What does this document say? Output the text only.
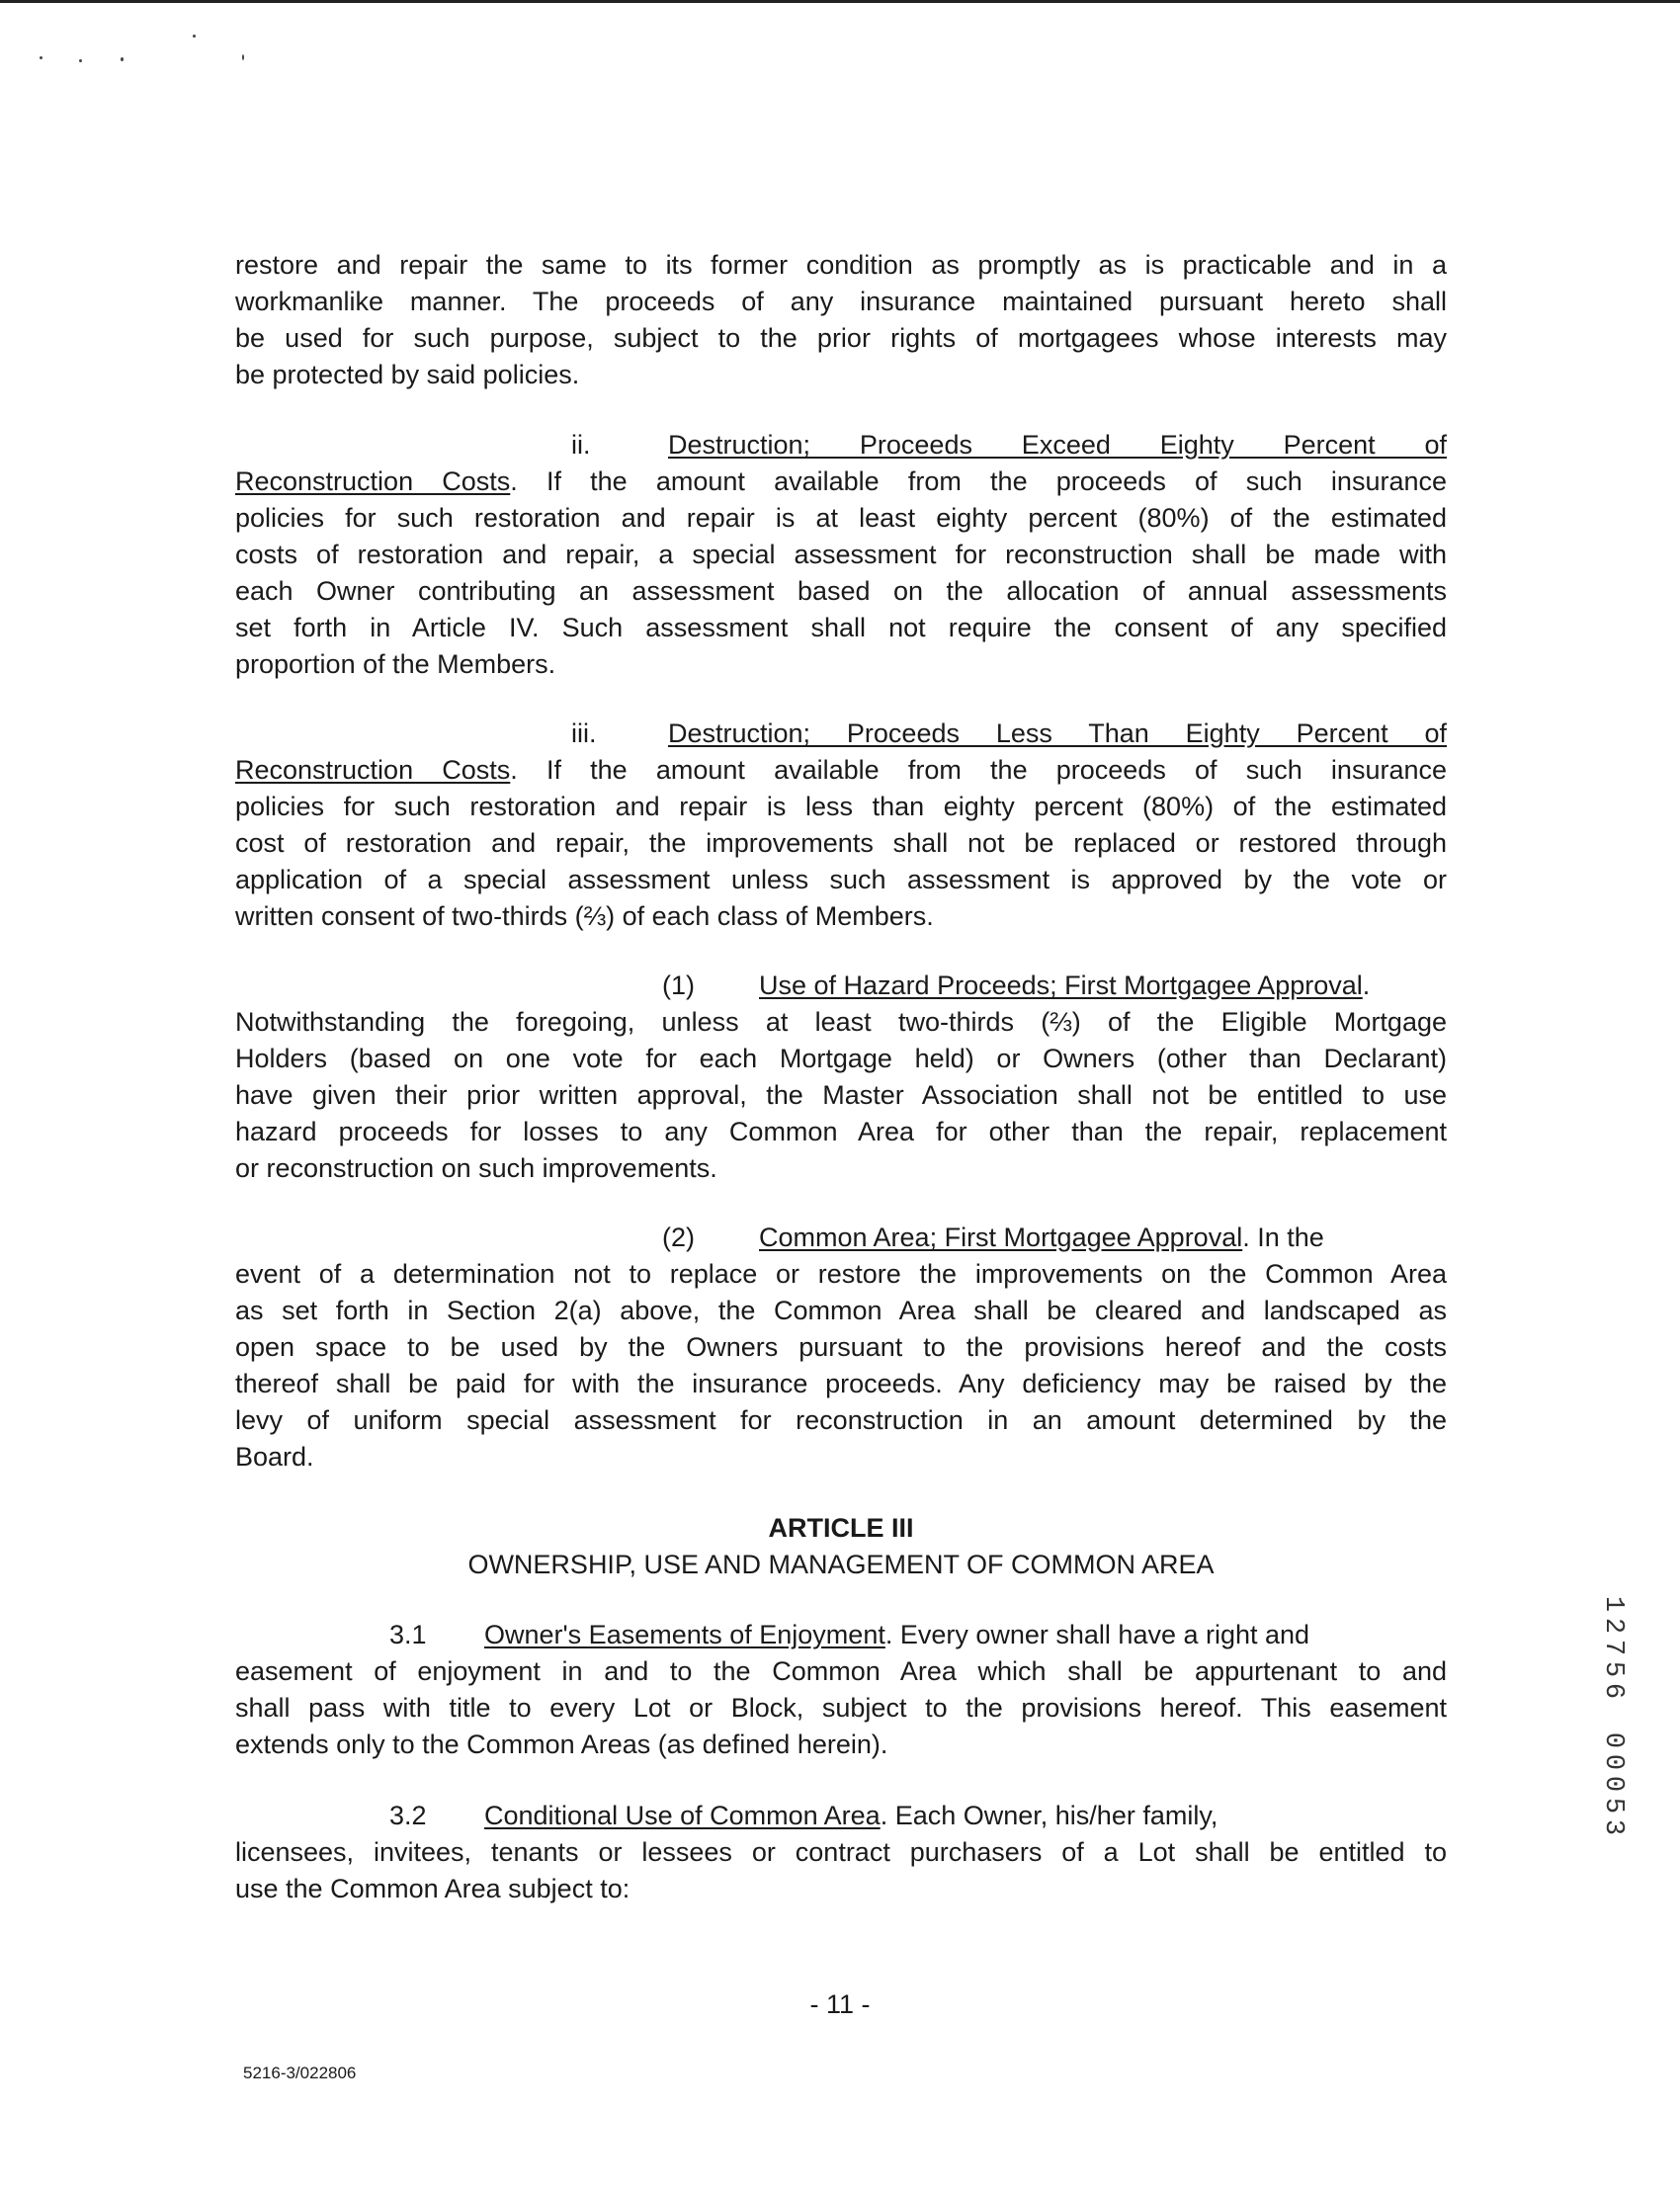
restore and repair the same to its former condition as promptly as is practicable and in a
workmanlike manner. The proceeds of any insurance maintained pursuant hereto shall
be used for such purpose, subject to the prior rights of mortgagees whose interests may
be protected by said policies.
ii.	Destruction; Proceeds Exceed Eighty Percent of
Reconstruction Costs. If the amount available from the proceeds of such insurance
policies for such restoration and repair is at least eighty percent (80%) of the estimated
costs of restoration and repair, a special assessment for reconstruction shall be made with
each Owner contributing an assessment based on the allocation of annual assessments
set forth in Article IV. Such assessment shall not require the consent of any specified
proportion of the Members.
iii.	Destruction; Proceeds Less Than Eighty Percent of
Reconstruction Costs. If the amount available from the proceeds of such insurance
policies for such restoration and repair is less than eighty percent (80%) of the estimated
cost of restoration and repair, the improvements shall not be replaced or restored through
application of a special assessment unless such assessment is approved by the vote or
written consent of two-thirds (⅔) of each class of Members.
(1) Use of Hazard Proceeds; First Mortgagee Approval.
Notwithstanding the foregoing, unless at least two-thirds (⅔) of the Eligible Mortgage
Holders (based on one vote for each Mortgage held) or Owners (other than Declarant)
have given their prior written approval, the Master Association shall not be entitled to use
hazard proceeds for losses to any Common Area for other than the repair, replacement
or reconstruction on such improvements.
(2) Common Area; First Mortgagee Approval. In the
event of a determination not to replace or restore the improvements on the Common Area
as set forth in Section 2(a) above, the Common Area shall be cleared and landscaped as
open space to be used by the Owners pursuant to the provisions hereof and the costs
thereof shall be paid for with the insurance proceeds. Any deficiency may be raised by the
levy of uniform special assessment for reconstruction in an amount determined by the
Board.
ARTICLE III
OWNERSHIP, USE AND MANAGEMENT OF COMMON AREA
3.1 Owner's Easements of Enjoyment. Every owner shall have a right and
easement of enjoyment in and to the Common Area which shall be appurtenant to and
shall pass with title to every Lot or Block, subject to the provisions hereof. This easement
extends only to the Common Areas (as defined herein).
3.2 Conditional Use of Common Area. Each Owner, his/her family,
licensees, invitees, tenants or lessees or contract purchasers of a Lot shall be entitled to
use the Common Area subject to:
- 11 -
5216-3/022806
1
2
7
5
6
0
0
0
5
3
